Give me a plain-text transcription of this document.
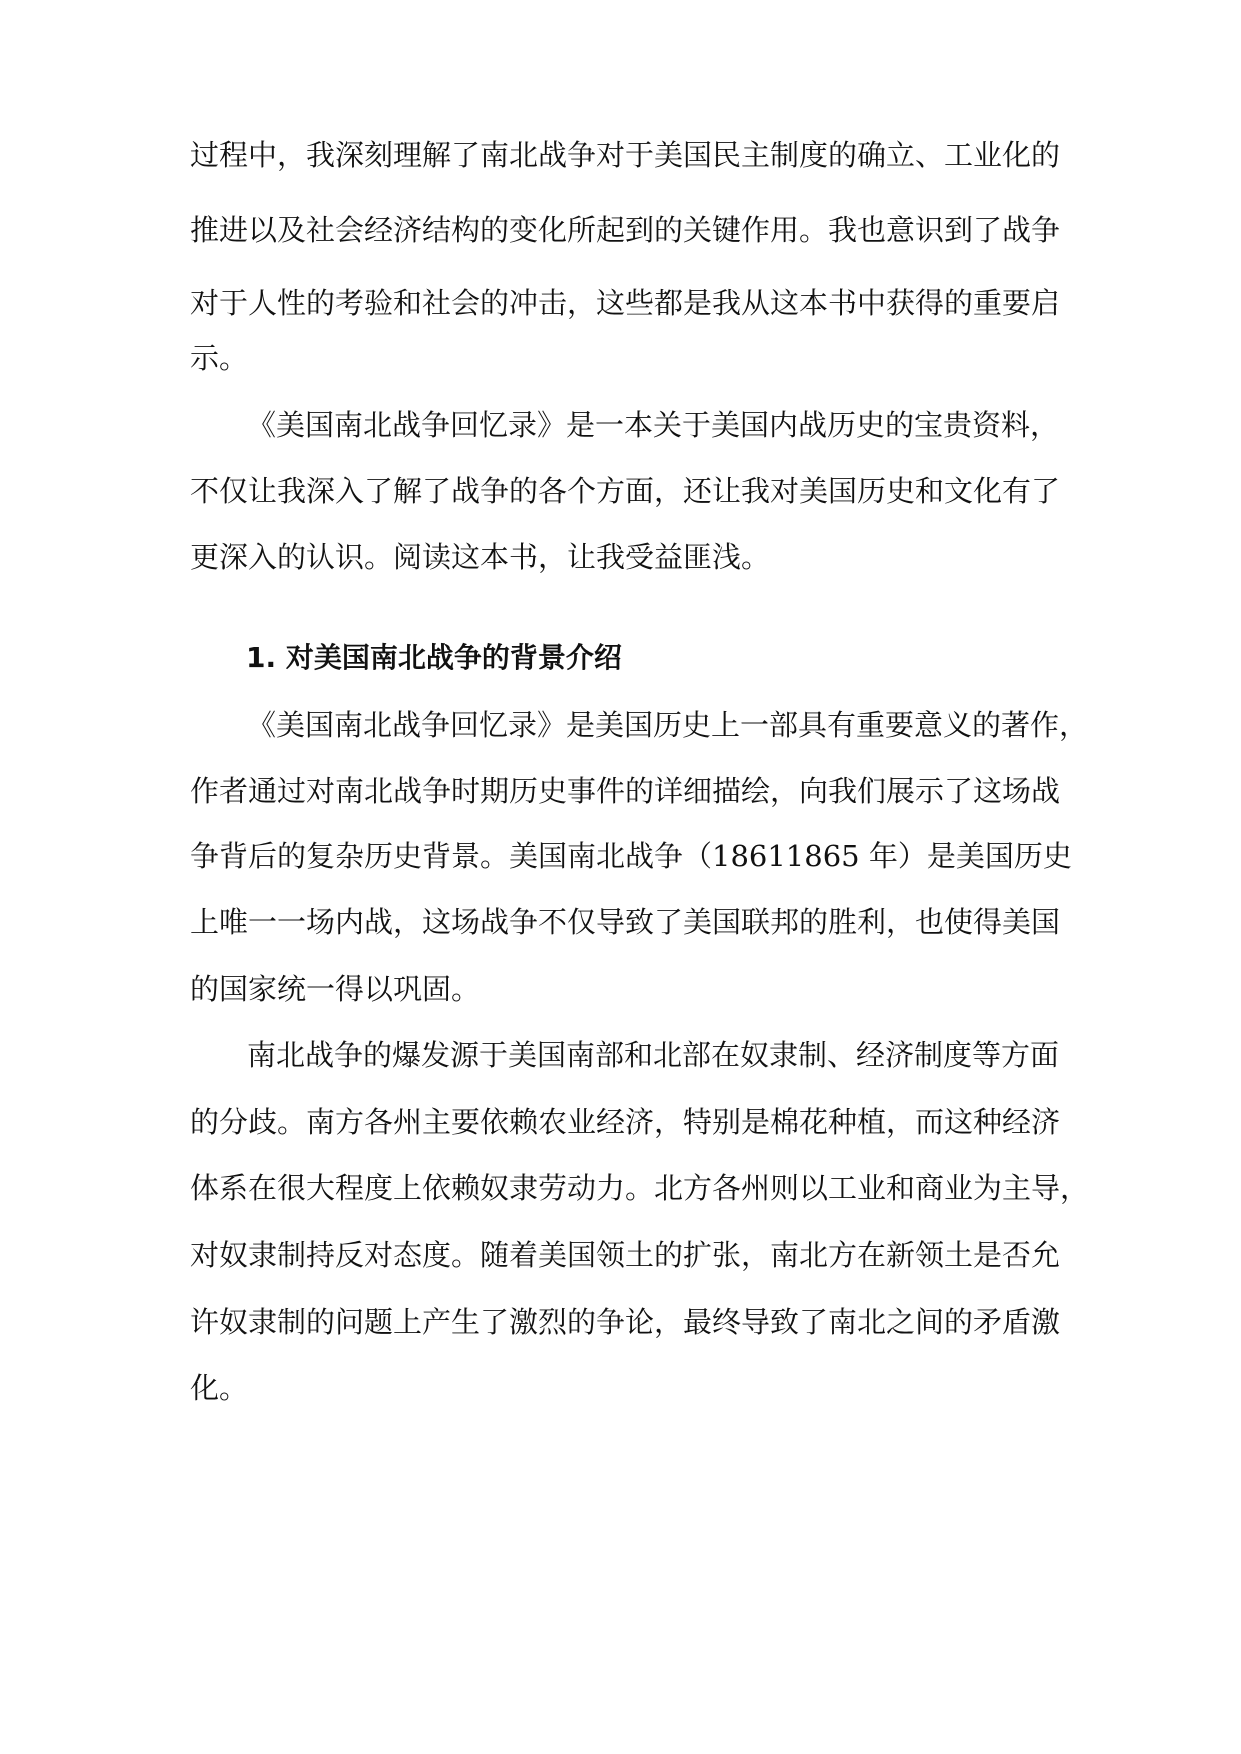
过程中，我深刻理解了南北战争对于美国民主制度的确立、工业化的

推进以及社会经济结构的变化所起到的关键作用。我也意识到了战争

对于人性的考验和社会的冲击，这些都是我从这本书中获得的重要启

示。

《美国南北战争回忆录》是一本关于美国内战历史的宝贵资料，

不仅让我深入了解了战争的各个方面，还让我对美国历史和文化有了

更深入的认识。阅读这本书，让我受益匪浅。

1. 对美国南北战争的背景介绍

《美国南北战争回忆录》是美国历史上一部具有重要意义的著作，

作者通过对南北战争时期历史事件的详细描绘，向我们展示了这场战

争背后的复杂历史背景。美国南北战争（18611865 年）是美国历史

上唯一一场内战，这场战争不仅导致了美国联邦的胜利，也使得美国

的国家统一得以巩固。

南北战争的爆发源于美国南部和北部在奴隶制、经济制度等方面

的分歧。南方各州主要依赖农业经济，特别是棉花种植，而这种经济

体系在很大程度上依赖奴隶劳动力。北方各州则以工业和商业为主导，

对奴隶制持反对态度。随着美国领土的扩张，南北方在新领土是否允

许奴隶制的问题上产生了激烈的争论，最终导致了南北之间的矛盾激

化。
